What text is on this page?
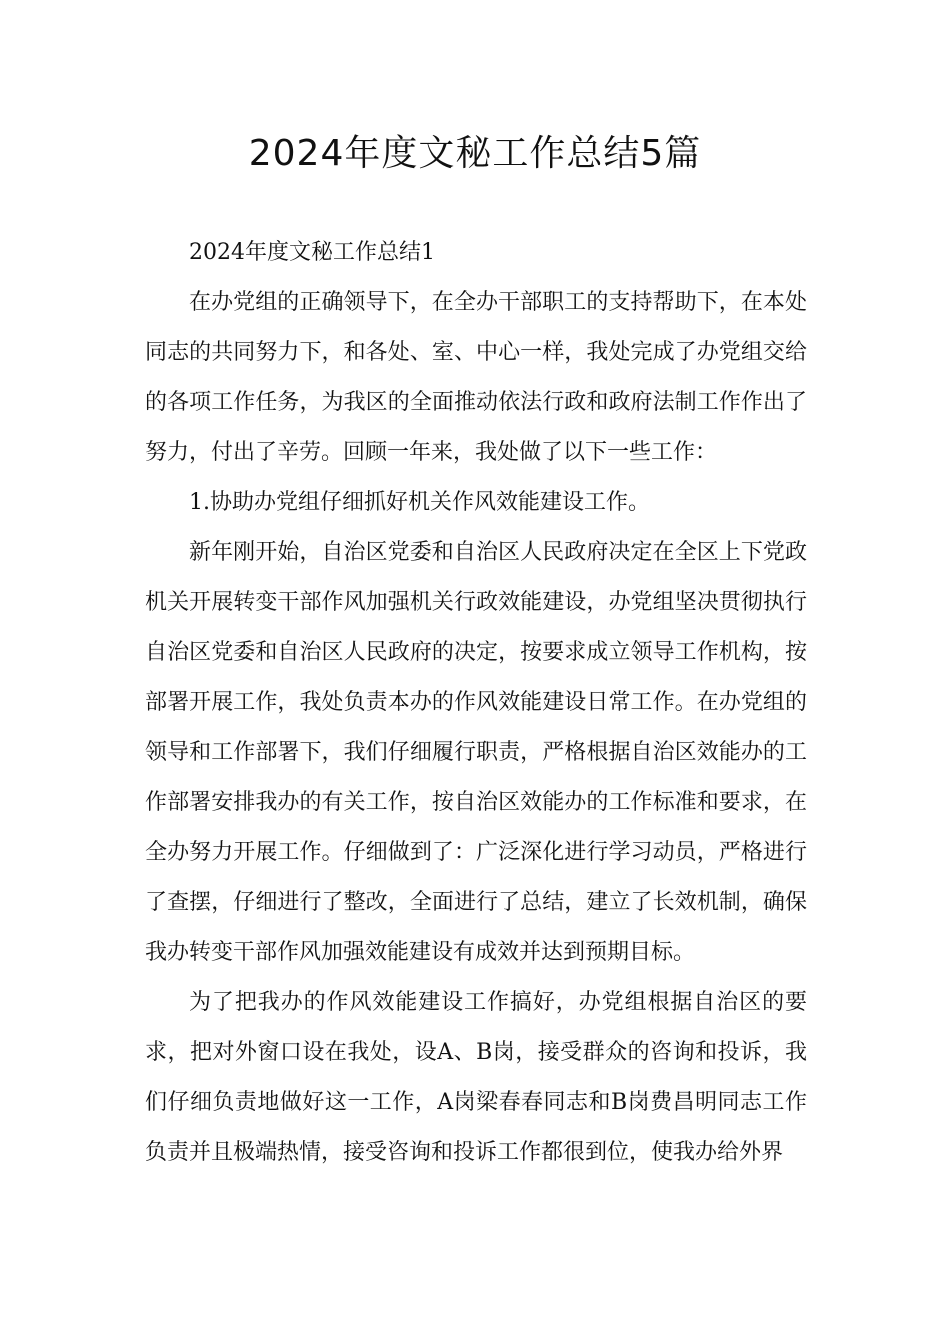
2024年度文秘工作总结5篇

2024年度文秘工作总结1

在办党组的正确领导下，在全办干部职工的支持帮助下，在本处同志的共同努力下，和各处、室、中心一样，我处完成了办党组交给的各项工作任务，为我区的全面推动依法行政和政府法制工作作出了努力，付出了辛劳。回顾一年来，我处做了以下一些工作：

1.协助办党组仔细抓好机关作风效能建设工作。

新年刚开始，自治区党委和自治区人民政府决定在全区上下党政机关开展转变干部作风加强机关行政效能建设，办党组坚决贯彻执行自治区党委和自治区人民政府的决定，按要求成立领导工作机构，按部署开展工作，我处负责本办的作风效能建设日常工作。在办党组的领导和工作部署下，我们仔细履行职责，严格根据自治区效能办的工作部署安排我办的有关工作，按自治区效能办的工作标准和要求，在全办努力开展工作。仔细做到了：广泛深化进行学习动员，严格进行了查摆，仔细进行了整改，全面进行了总结，建立了长效机制，确保我办转变干部作风加强效能建设有成效并达到预期目标。

为了把我办的作风效能建设工作搞好，办党组根据自治区的要求，把对外窗口设在我处，设A、B岗，接受群众的咨询和投诉，我们仔细负责地做好这一工作，A岗梁春春同志和B岗费昌明同志工作负责并且极端热情，接受咨询和投诉工作都很到位，使我办给外界
